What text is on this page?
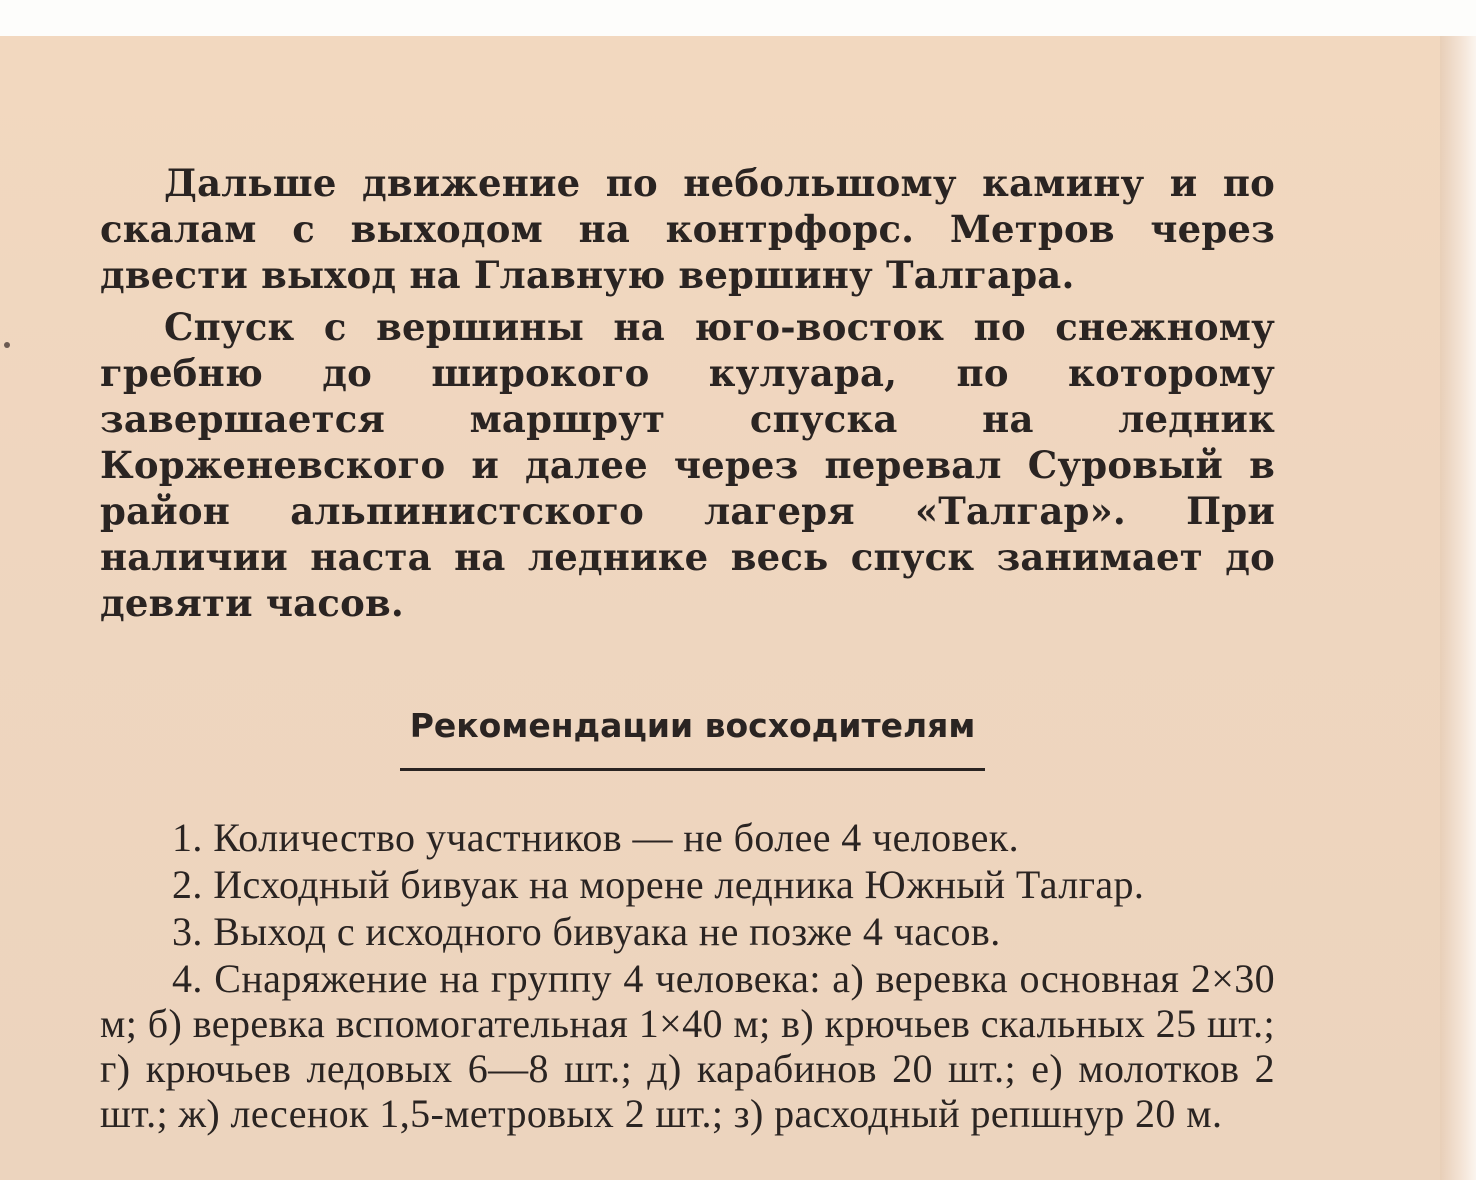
Дальше движение по небольшому камину и по скалам с выходом на контрфорс. Метров через двести выход на Главную вершину Талгара.

Спуск с вершины на юго-восток по снежному гребню до широкого кулуара, по которому завершается маршрут спуска на ледник Корженевского и далее через перевал Суровый в район альпинистского лагеря «Талгар». При наличии наста на леднике весь спуск занимает до девяти часов.

Рекомендации восходителям

1. Количество участников — не более 4 человек.

2. Исходный бивуак на морене ледника Южный Талгар.

3. Выход с исходного бивуака не позже 4 часов.

4. Снаряжение на группу 4 человека: а) веревка основная 2×30 м; б) веревка вспомогательная 1×40 м; в) крючьев скальных 25 шт.; г) крючьев ледовых 6—8 шт.; д) карабинов 20 шт.; е) молотков 2 шт.; ж) лесенок 1,5-метровых 2 шт.; з) расходный репшнур 20 м.
